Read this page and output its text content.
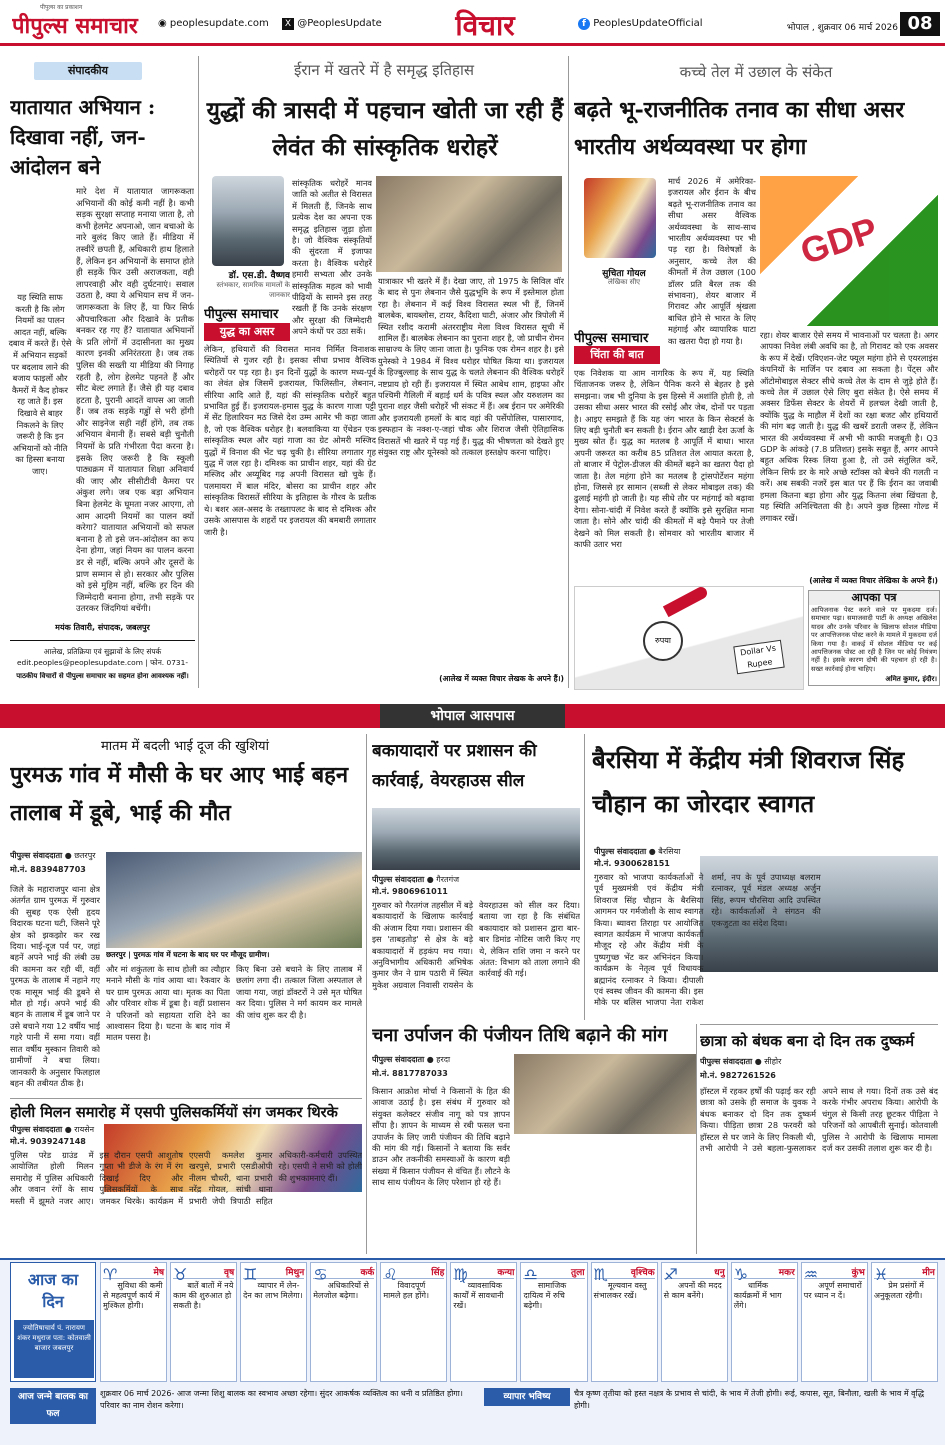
पीपुल्स समाचार
पीपुल्स का प्रकाशन
◉ peoplesupdate.com	X @PeoplesUpdate	विचार	f PeoplesUpdateOfficial	भोपाल , शुक्रवार 06 मार्च 2026 08
संपादकीय
यातायात अभियान : दिखावा नहीं, जन-आंदोलन बने
मारे देश में यातायात जागरूकता अभियानों की कोई कमी नहीं है। कभी सड़क सुरक्षा सप्ताह मनाया जाता है, तो कभी हेलमेट अपनाओ, जान बचाओ के नारे बुलंद किए जाते हैं। मीडिया में तस्वीरें छपती हैं, अधिकारी हाथ हिलाते हैं, लेकिन इन अभियानों के समाप्त होते ही सड़कें फिर उसी अराजकता, वही लापरवाही और वही दुर्घटनाएं। सवाल उठता है, क्या ये अभियान सच में जन-जागरूकता के लिए हैं, या फिर सिर्फ औपचारिकता और दिखावे के प्रतीक बनकर रह गए हैं? यातायात अभियानों के प्रति लोगों में उदासीनता का मुख्य कारण इनकी अनिरंतरता है। जब तक पुलिस की सख्ती या मीडिया की निगाह रहती है, लोग हेलमेट पहनते हैं और सीट बेल्ट लगाते हैं। जैसे ही यह दबाव हटता है, पुरानी आदतें वापस आ जाती हैं। जब तक सड़कें गड्ढों से भरी होंगी और साइनेज सही नहीं होंगे, तब तक अभियान बेमानी हैं। सबसे बड़ी चुनौती नियमों के प्रति गंभीरता पैदा करना है। इसके लिए जरूरी है कि स्कूली पाठ्यक्रम में यातायात शिक्षा अनिवार्य की जाए और सीसीटीवी कैमरा पर अंकुश लगे। जब एक बड़ा अभियान बिना हेलमेट के घूमता नजर आएगा, तो आम आदमी नियमों का पालन क्यों करेगा? यातायात अभियानों को सफल बनाना है तो इसे जन-आंदोलन का रूप देना होगा, जहां नियम का पालन करना डर से नहीं, बल्कि अपने और दूसरों के प्राण सम्मान से हो। सरकार और पुलिस को इसे मुहिम नहीं, बल्कि हर दिन की जिम्मेदारी बनाना होगा, तभी सड़कें पर उतरकर जिंदगियां बचेंगी।
यह स्थिति साफ करती है कि लोग नियमों का पालन आदत नहीं, बल्कि दबाव में करते हैं। ऐसे में अभियान सड़कों पर बदलाव लाने की बजाय फाइलों और कैमरों में कैद होकर रह जाते हैं। इस दिखावे से बाहर निकलने के लिए जरूरी है कि इन अभियानों को नीति का हिस्सा बनाया जाए।
मयंक तिवारी, संपादक, जबलपुर
आलेख, प्रतिक्रिया एवं सुझावों के लिए संपर्क edit.peoples@peoplesupdate.com | फोन. 0731-
पाठकीय विचारों से पीपुल्स समाचार का सहमत होना आवश्यक नहीं।
ईरान में खतरे में है समृद्ध इतिहास
युद्धों की त्रासदी में पहचान खोती जा रही हैं लेवंत की सांस्कृतिक धरोहरें
डॉ. एस.डी. वैष्णव
स्तंभकार, सामरिक मामलों के जानकार
पीपुल्स समाचार
युद्ध का असर
सांस्कृतिक धरोहरें मानव जाति को अतीत से विरासत में मिलती हैं, जिनके साथ प्रत्येक देश का अपना एक समृद्ध इतिहास जुड़ा होता है। जो वैश्विक संस्कृतियों की सुंदरता में इजाफा करता है। वैश्विक धरोहरें हमारी सभ्यता और उनके सांस्कृतिक महत्व को भावी पीढ़ियों के सामने इस तरह रखती हैं कि उनके संरक्षण और सुरक्षा की जिम्मेदारी अपने कंधों पर उठा सकें।
लेकिन, हथियारों की विरासत मानव निर्मित विनाशक स्थितियों से गुजर रही है। इसका सीधा प्रभाव वैश्विक धरोहरों पर पड़ रहा है। इन दिनों युद्धों के कारण मध्य-पूर्व का लेवंत क्षेत्र जिसमें इजरायल, फिलिस्तीन, लेबनान, सीरिया आदि आते हैं, यहां की सांस्कृतिक धरोहरें बहुत प्रभावित हुई हैं। इजरायल-हमास युद्ध के कारण गाजा पट्टी में सेंट हिलारियन मठ जिसे देश उम्म आमेर भी कहा जाता है, जो एक वैश्विक धरोहर है। बलवाकिया या ऐंथेडन एक सांस्कृतिक स्थल और यहां गाजा का ग्रेट ओमरी मस्जिद युद्धों में विनाश की भेंट चढ़ चुकी है। सीरिया लगातार गृह युद्ध में जल रहा है। दमिश्क का प्राचीन शहर, यहां की ग्रेट मस्जिद और अय्यूबिद गढ़ अपनी विरासत खो चुके हैं। पलमायरा में बाल मंदिर, बोसरा का प्राचीन शहर और सांस्कृतिक विरासतें सीरिया के इतिहास के गौरव के प्रतीक थे। बशर अल-असद के तख्तापलट के बाद से दमिश्क और उसके आसपास के शहरों पर इजरायल की बमबारी लगातार जारी है।
यात्राकार भी खतरे में हैं। देखा जाए, तो 1975 के सिविल वॉर के बाद से पुनः लेबनान जैसे युद्धभूमि के रूप में इस्तेमाल होता रहा है। लेबनान में कई विश्व विरासत स्थल भी हैं, जिनमें बालबेक, बायब्लोस, टायर, कैदिशा घाटी, अंजार और त्रिपोली में स्थित रशीद करामी अंतरराष्ट्रीय मेला विश्व विरासत सूची में शामिल हैं। बालबेक लेबनान का पुराना शहर है, जो प्राचीन रोमन साम्राज्य के लिए जाना जाता है। फुनिक एक रोमन शहर है। इसे युनेस्को ने 1984 में विश्व धरोहर घोषित किया था। इजरायल के हिज्बुल्लाह के साथ युद्ध के चलते लेबनान की वैश्विक धरोहरें नष्टप्राय हो रही हैं। इजरायल में स्थित आबेथ शाम, हाइफा और पश्चिमी गैलिली में बहाई धर्म के पवित्र स्थल और यरुशलम का पुराना शहर जैसी धरोहरें भी संकट में हैं। अब ईरान पर अमेरिकी और इजरायली हमलों के बाद वहां की पर्सेपोलिस, पासारगाद, इस्फहान के नक्श-ए-जहां चौक और शिराज जैसी ऐतिहासिक विरासतें भी खतरे में पड़ गई हैं। युद्ध की भीषणता को देखते हुए संयुक्त राष्ट्र और यूनेस्को को तत्काल हस्तक्षेप करना चाहिए।
(आलेख में व्यक्त विचार लेखक के अपने हैं।)
कच्चे तेल में उछाल के संकेत
बढ़ते भू-राजनीतिक तनाव का सीधा असर भारतीय अर्थव्यवस्था पर होगा
सुचिता गोयल
लेखिका सीए
पीपुल्स समाचार
चिंता की बात
मार्च 2026 में अमेरिका-इजरायल और ईरान के बीच बढ़ते भू-राजनीतिक तनाव का सीधा असर वैश्विक अर्थव्यवस्था के साथ-साथ भारतीय अर्थव्यवस्था पर भी पड़ रहा है। विशेषज्ञों के अनुसार, कच्चे तेल की कीमतों में तेज उछाल (100 डॉलर प्रति बैरल तक की संभावना), शेयर बाजार में गिरावट और आपूर्ति श्रृंखला बाधित होने से भारत के लिए महंगाई और व्यापारिक घाटा का खतरा पैदा हो गया है।
GDP
एक निवेशक या आम नागरिक के रूप में, यह स्थिति चिंताजनक जरूर है, लेकिन पैनिक करने से बेहतर है इसे समझना। जब भी दुनिया के इस हिस्से में अशांति होती है, तो उसका सीधा असर भारत की रसोई और जेब, दोनों पर पड़ता है। आइए समझते हैं कि यह जंग भारत के किन सेक्टर्स के लिए बड़ी चुनौती बन सकती है। ईरान और खाड़ी देश ऊर्जा के मुख्य स्रोत हैं। युद्ध का मतलब है आपूर्ति में बाधा। भारत अपनी जरूरत का करीब 85 प्रतिशत तेल आयात करता है, तो बाजार में पेट्रोल-डीजल की कीमतें बढ़ने का खतरा पैदा हो जाता है। तेल महंगा होने का मतलब है ट्रांसपोर्टेशन महंगा होना, जिससे हर सामान (सब्जी से लेकर मोबाइल तक) की ढुलाई महंगी हो जाती है। यह सीधे तौर पर महंगाई को बढ़ावा देगा। सोना-चांदी में निवेश करते हैं क्योंकि इसे सुरक्षित माना जाता है। सोने और चांदी की कीमतों में बड़े पैमाने पर तेजी देखने को मिल सकती है। सोमवार को भारतीय बाजार में काफी उतार भरा
रहा। शेयर बाजार ऐसे समय में भावनाओं पर चलता है। अगर आपका निवेश लंबी अवधि का है, तो गिरावट को एक अवसर के रूप में देखें। एविएशन-जेट फ्यूल महंगा होने से एयरलाइंस कंपनियों के मार्जिन पर दबाव आ सकता है। पेंट्स और ऑटोमोबाइल सेक्टर सीधे कच्चे तेल के दाम से जुड़े होते हैं। कच्चे तेल में उछाल ऐसे लिए बुरा संकेत है। ऐसे समय में अक्सर डिफेंस सेक्टर के शेयरों में हलचल देखी जाती है, क्योंकि युद्ध के माहौल में देशों का रक्षा बजट और हथियारों की मांग बढ़ जाती है। युद्ध की खबरें डराती जरूर हैं, लेकिन भारत की अर्थव्यवस्था में अभी भी काफी मजबूती है। Q3 GDP के आंकड़े (7.8 प्रतिशत) इसके सबूत हैं, अगर आपने बहुत अधिक रिस्क लिया हुआ है, तो उसे संतुलित करें, लेकिन सिर्फ डर के मारे अच्छे स्टॉक्स को बेचने की गलती न करें। अब सबकी नजरें इस बात पर हैं कि ईरान का जवाबी हमला कितना बड़ा होगा और युद्ध कितना लंबा खिंचता है, यह स्थिति अनिश्चितता की है। अपने कुछ हिस्सा गोल्ड में लगाकर रखें।
(आलेख में व्यक्त विचार लेखिका के अपने हैं।)
रुपया
Dollar Vs Rupee
आपका पत्र
आपिजनाक पेस्ट करने वाले पर मुकदमा दर्ज। समाचार पढ़ा। समाजवादी पार्टी के अध्यक्ष अखिलेश यादव और उनके परिवार के खिलाफ सोशल मीडिया पर आपत्तिजनक पोस्ट करने के मामले में मुकदमा दर्ज किया गया है। वाकई में सोशल मीडिया पर कई आपत्तिजनक पोस्ट आ रही है जिन पर कोई नियंत्रण नहीं है। इसके कारण दोषी की पहचान हो रही है। सख्त कार्रवाई होना चाहिए।
अमित कुमार, इंदौर।
भोपाल आसपास
मातम में बदली भाई दूज की खुशियां
पुरमऊ गांव में मौसी के घर आए भाई बहन तालाब में डूबे, भाई की मौत
पीपुल्स संवाददाता ● छतरपुर
मो.नं. 8839487703
जिले के महाराजपुर थाना क्षेत्र अंतर्गत ग्राम पुरमऊ में गुरुवार की सुबह एक ऐसी हृदय विदारक घटना घटी, जिसने पूरे क्षेत्र को झकझोर कर रख दिया। भाई-दूज पर्व पर, जहां बहनें अपने भाई की लंबी उम्र की कामना कर रही थीं, वहीं पुरमऊ के तालाब में नहाने गए एक मासूम भाई की डूबने से मौत हो गई। अपने भाई की बहन के तालाब में डूब जाने पर उसे बचाने गया 12 वर्षीय भाई गहरे पानी में समा गया। वहीं सात वर्षीय मुस्कान तिवारी को ग्रामीणों ने बचा लिया। जानकारी के अनुसार फिलहाल बहन की तबीयत ठीक है।
छतरपुर | पुरमऊ गांव में घटना के बाद घर पर मौजूद ग्रामीण।
और मां शकुंतला के साथ होली का त्यौहार मनाने मौसी के गांव आया था। रैकवार के घर ग्राम पुरमऊ आया था। मृतक का पिता और परिवार शोक में डूबा है। वहीं प्रशासन ने परिजनों को सहायता राशि देने का आश्वासन दिया है। घटना के बाद गांव में मातम पसरा है।
किए बिना उसे बचाने के लिए तालाब में छलांग लगा दी। तत्काल जिला अस्पताल ले जाया गया, जहां डॉक्टरों ने उसे मृत घोषित कर दिया। पुलिस ने मर्ग कायम कर मामले की जांच शुरू कर दी है।
होली मिलन समारोह में एसपी पुलिसकर्मियों संग जमकर थिरके
पीपुल्स संवाददाता ● रायसेन
मो.नं. 9039247148
पुलिस परेड ग्राउंड में आयोजित होली मिलन समारोह में पुलिस अधिकारी और जवान रंगों के साथ मस्ती में झूमते नजर आए। इस दौरान एसपी आशुतोष गुप्ता भी डीजे के रंग में रंग दिखाई दिए और पुलिसकर्मियों के साथ जमकर थिरके। कार्यक्रम में एएसपी कमलेश कुमार खरपुसे, प्रभारी एसडीओपी नीलम चौधरी, थाना प्रभारी नरेंद्र गोयल, सांची थाना प्रभारी जेपी त्रिपाठी सहित अधिकारी-कर्मचारी उपस्थित रहे। एसपी ने सभी को होली की शुभकामनाएं दीं।
बकायादारों पर प्रशासन की कार्रवाई, वेयरहाउस सील
पीपुल्स संवाददाता ● गैरतगंज
मो.नं. 9806961011
गुरुवार को गैरतगंज तहसील में बड़े बकायादारों के खिलाफ कार्रवाई की अंजाम दिया गया। प्रशासन की इस 'ताबड़तोड़' से क्षेत्र के बड़े बकायादारों में हड़कंप मच गया। अनुविभागीय अधिकारी अभिषेक कुमार जैन ने ग्राम पठारी में स्थित मुकेश अग्रवाल निवासी रायसेन के वेयरहाउस को सील कर दिया। बताया जा रहा है कि संबंधित बकायादार को प्रशासन द्वारा बार-बार डिमांड नोटिस जारी किए गए थे, लेकिन राशि जमा न करने पर अंतत: विभाग को ताला लगाने की कार्रवाई की गई।
चना उर्पाजन की पंजीयन तिथि बढ़ाने की मांग
पीपुल्स संवाददाता ● हरदा
मो.नं. 8817787033
किसान आक्रोश मोर्चा ने किसानों के हित की आवाज उठाई है। इस संबंध में गुरुवार को संयुक्त कलेक्टर संजीव नागू को पत्र ज्ञापन सौंपा है। ज्ञापन के माध्यम से रबी फसल चना उपार्जन के लिए जारी पंजीयन की तिथि बढ़ाने की मांग की गई। किसानों ने बताया कि सर्वर डाउन और तकनीकी समस्याओं के कारण बड़ी संख्या में किसान पंजीयन से वंचित हैं। लौटने के साथ साथ पंजीयन के लिए परेशान हो रहे हैं।
बैरसिया में केंद्रीय मंत्री शिवराज सिंह चौहान का जोरदार स्वागत
पीपुल्स संवाददाता ● बैरसिया
मो.नं. 9300628151
गुरुवार को भाजपा कार्यकर्ताओं ने पूर्व मुख्यमंत्री एवं केंद्रीय मंत्री शिवराज सिंह चौहान के बैरसिया आगमन पर गर्मजोशी के साथ स्वागत किया। ब्यावरा तिराहा पर आयोजित स्वागत कार्यक्रम में भाजपा कार्यकर्ता मौजूद रहे और केंद्रीय मंत्री के पुष्पगुच्छ भेंट कर अभिनंदन किया। कार्यक्रम के नेतृत्व पूर्व विधायक ब्रह्मानंद रत्नाकर ने किया। दीपाली एवं स्वस्थ जीवन की कामना की। इस मौके पर बलिस भाजपा नेता राकेश शर्मा, नप के पूर्व उपाध्यक्ष बलराम रत्नाकर, पूर्व मंडल अध्यक्ष अर्जुन सिंह, रूपम चौरसिया आदि उपस्थित रहे। कार्यकर्ताओं ने संगठन की एकजुटता का संदेश दिया।
छात्रा को बंधक बना दो दिन तक दुष्कर्म
पीपुल्स संवाददाता ● सीहोर
मो.नं. 9827261526
हॉस्टल में रहकर हर्षों की पढ़ाई कर रही छात्रा को उसके ही समाज के युवक ने बंधक बनाकर दो दिन तक दुष्कर्म किया। पीड़िता छात्रा 28 फरवरी को हॉस्टल से घर जाने के लिए निकली थी, तभी आरोपी ने उसे बहला-फुसलाकर अपने साथ ले गया। दिनों तक उसे बंद करके गंभीर अपराध किया। आरोपी के चंगुल से किसी तरह छूटकर पीड़िता ने परिजनों को आपबीती सुनाई। कोतवाली पुलिस ने आरोपी के खिलाफ मामला दर्ज कर उसकी तलाश शुरू कर दी है।
आज का दिन
ज्योतिषाचार्य पं. नारायण शंकर मधुराज पता: कोतवाली बाजार जबलपुर
♈	मेष
सुविधा की कमी से महत्वपूर्ण कार्य में मुश्किल होगी।
♉	वृष
बातें बातों में नये काम की शुरुआत हो सकती है।
♊	मिथुन
व्यापार में लेन-देन का लाभ मिलेगा।
♋	कर्क
अधिकारियों से मेलजोल बढ़ेगा।
♌	सिंह
विवादपूर्ण मामले हल होंगे।
♍	कन्या
व्यावसायिक कार्यों में सावधानी रखें।
♎	तुला
सामाजिक दायित्व में रुचि बढ़ेगी।
♏	वृश्चिक
मूल्यवान वस्तु संभालकर रखें।
♐	धनु
अपनों की मदद से काम बनेंगे।
♑	मकर
धार्मिक कार्यक्रमों में भाग लेंगे।
♒	कुंभ
अपूर्ण समाचारों पर ध्यान न दें।
♓	मीन
प्रेम प्रसंगों में अनुकूलता रहेगी।
आज जन्मे बालक का फल
शुक्रवार 06 मार्च 2026- आज जन्मा शिशु बालक का स्वभाव अच्छा रहेगा। सुंदर आकर्षक व्यक्तित्व का धनी व प्रतिष्ठित होगा। परिवार का नाम रोशन करेगा।
व्यापार भविष्य	चैत्र कृष्ण तृतीया को हस्त नक्षत्र के प्रभाव से चांदी, के भाव में तेजी होगी। रूई, कपास, सूत, बिनौला, खली के भाव में वृद्धि होगी।
